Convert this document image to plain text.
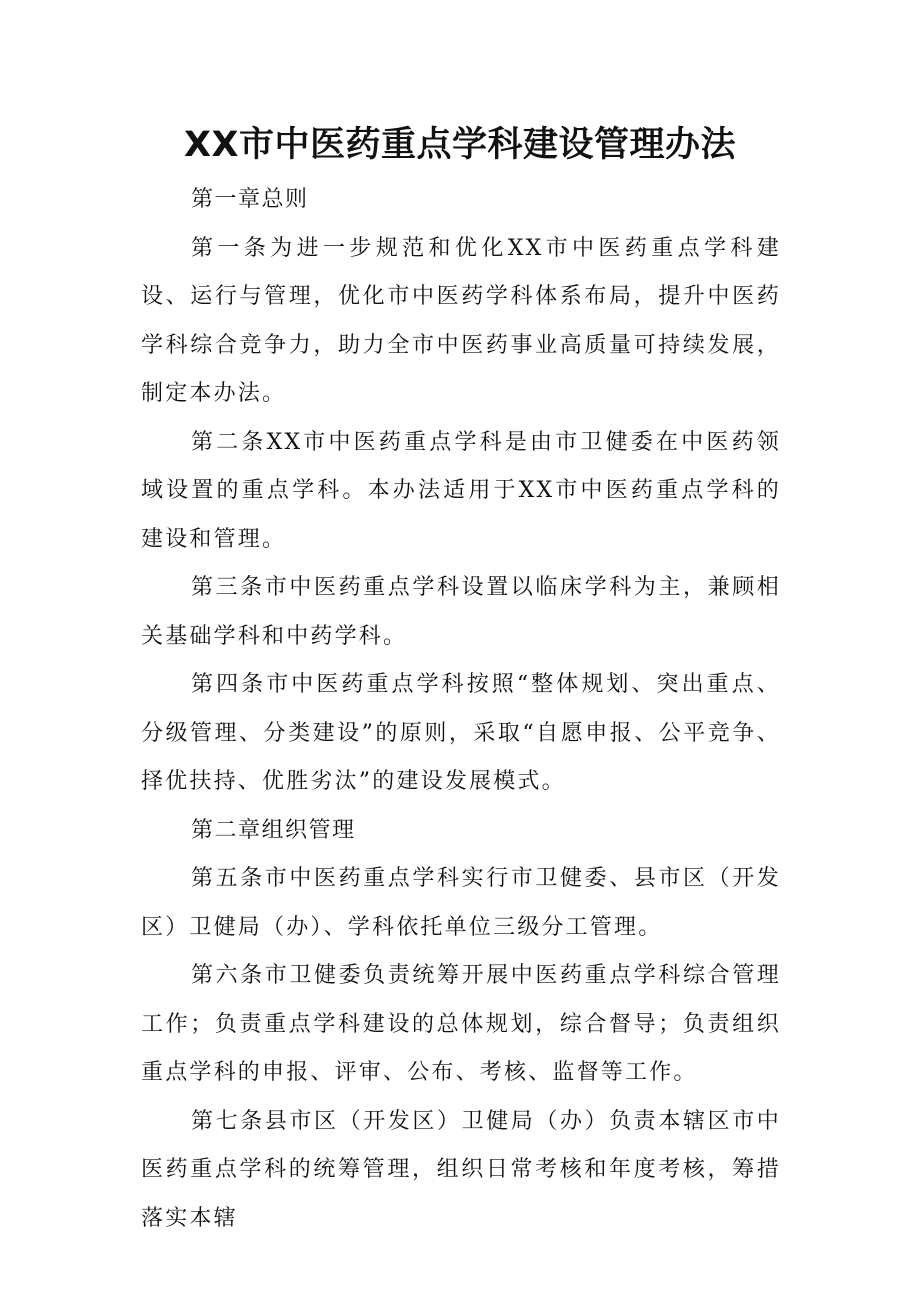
XX市中医药重点学科建设管理办法

第一章总则

第一条为进一步规范和优化XX市中医药重点学科建设、运行与管理，优化市中医药学科体系布局，提升中医药学科综合竞争力，助力全市中医药事业高质量可持续发展，制定本办法。

第二条XX市中医药重点学科是由市卫健委在中医药领域设置的重点学科。本办法适用于XX市中医药重点学科的建设和管理。

第三条市中医药重点学科设置以临床学科为主，兼顾相关基础学科和中药学科。

第四条市中医药重点学科按照“整体规划、突出重点、分级管理、分类建设”的原则，采取“自愿申报、公平竞争、择优扶持、优胜劣汰”的建设发展模式。

第二章组织管理

第五条市中医药重点学科实行市卫健委、县市区（开发区）卫健局（办）、学科依托单位三级分工管理。

第六条市卫健委负责统筹开展中医药重点学科综合管理工作；负责重点学科建设的总体规划，综合督导；负责组织重点学科的申报、评审、公布、考核、监督等工作。

第七条县市区（开发区）卫健局（办）负责本辖区市中医药重点学科的统筹管理，组织日常考核和年度考核，筹措落实本辖
